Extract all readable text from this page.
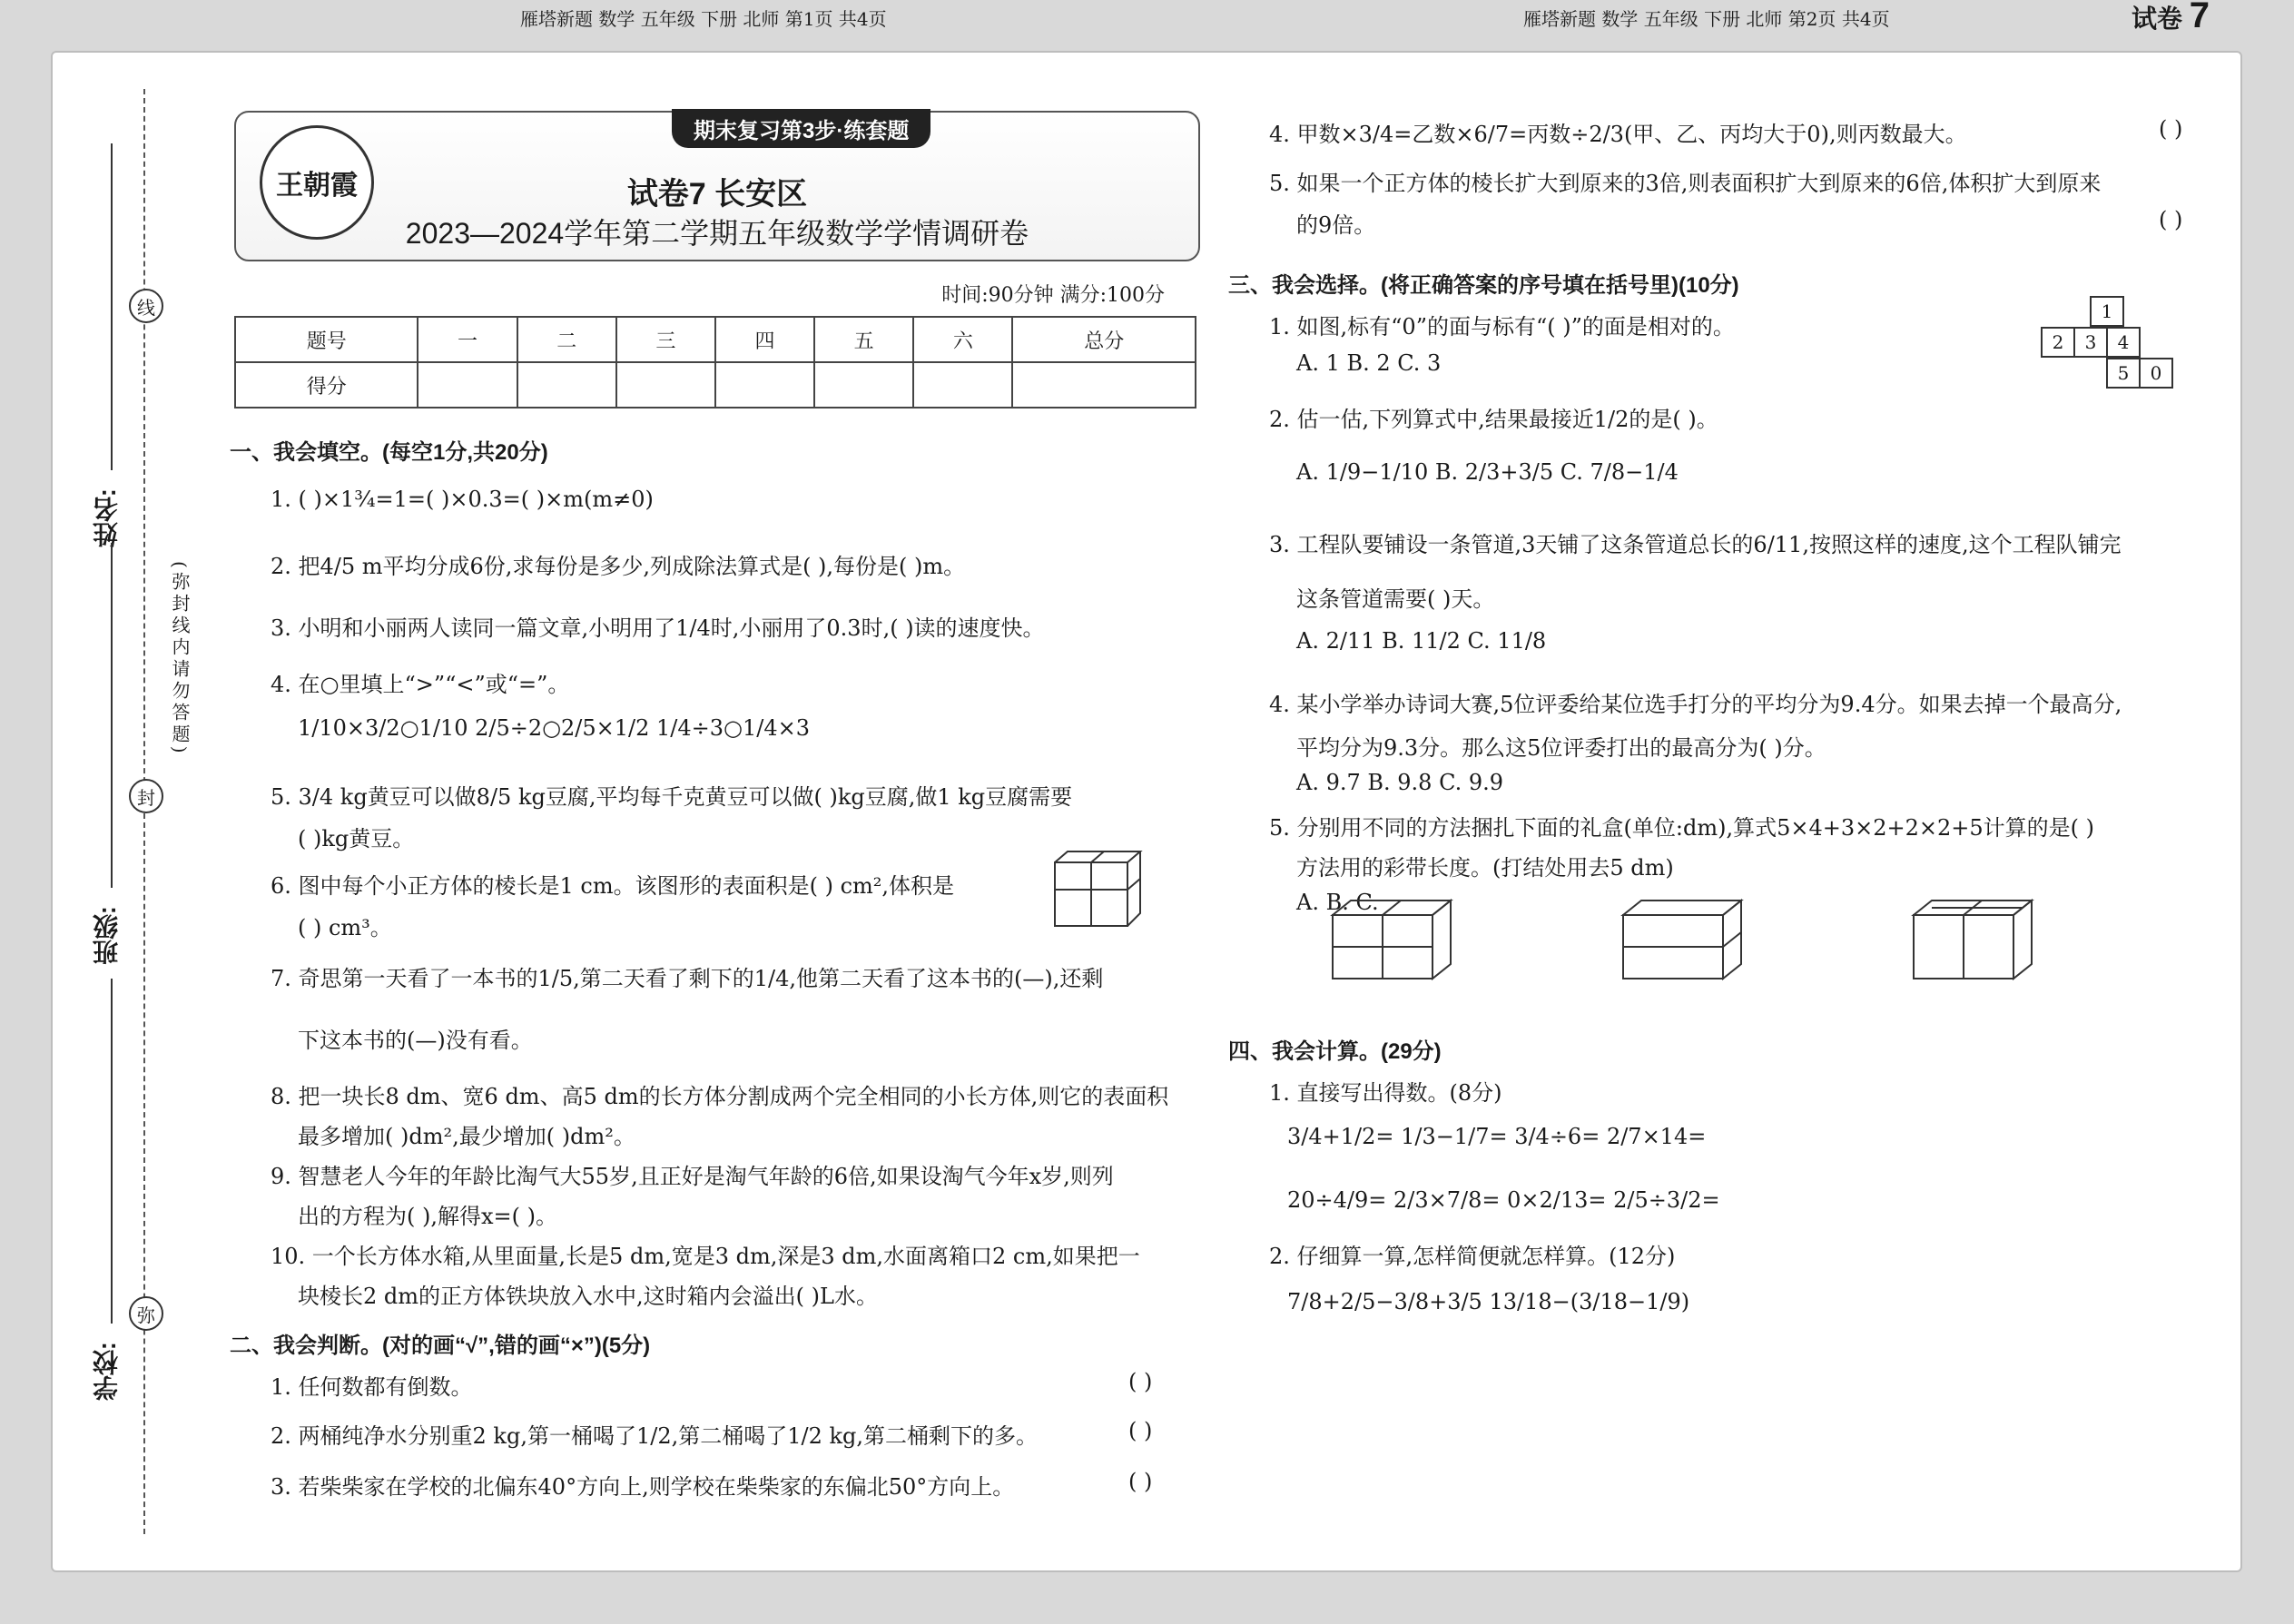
姓名:
班级:
学校:
线
封
弥
(弥封线内请勿答题)
王朝霞
期末复习第3步·练套题
试卷7 长安区
2023—2024学年第二学期五年级数学学情调研卷
时间:90分钟 满分:100分
题号	一	二	三	四	五	六	总分
得分							
一、我会填空。(每空1分,共20分)
1. ( )×1¾=1=( )×0.3=( )×m(m≠0)
2. 把4/5 m平均分成6份,求每份是多少,列成除法算式是( ),每份是( )m。
3. 小明和小丽两人读同一篇文章,小明用了1/4时,小丽用了0.3时,( )读的速度快。
4. 在○里填上“>”“<”或“=”。
1/10×3/2○1/10 2/5÷2○2/5×1/2 1/4÷3○1/4×3
5. 3/4 kg黄豆可以做8/5 kg豆腐,平均每千克黄豆可以做( )kg豆腐,做1 kg豆腐需要
( )kg黄豆。
6. 图中每个小正方体的棱长是1 cm。该图形的表面积是( ) cm²,体积是
( ) cm³。
7. 奇思第一天看了一本书的1/5,第二天看了剩下的1/4,他第二天看了这本书的(—),还剩
下这本书的(—)没有看。
8. 把一块长8 dm、宽6 dm、高5 dm的长方体分割成两个完全相同的小长方体,则它的表面积
最多增加( )dm²,最少增加( )dm²。
9. 智慧老人今年的年龄比淘气大55岁,且正好是淘气年龄的6倍,如果设淘气今年x岁,则列
出的方程为( ),解得x=( )。
10. 一个长方体水箱,从里面量,长是5 dm,宽是3 dm,深是3 dm,水面离箱口2 cm,如果把一
块棱长2 dm的正方体铁块放入水中,这时箱内会溢出( )L水。
二、我会判断。(对的画“√”,错的画“×”)(5分)
1. 任何数都有倒数。	( )
2. 两桶纯净水分别重2 kg,第一桶喝了1/2,第二桶喝了1/2 kg,第二桶剩下的多。	( )
3. 若柴柴家在学校的北偏东40°方向上,则学校在柴柴家的东偏北50°方向上。	( )
雁塔新题 数学 五年级 下册 北师 第1页 共4页
4. 甲数×3/4=乙数×6/7=丙数÷2/3(甲、乙、丙均大于0),则丙数最大。	( )
5. 如果一个正方体的棱长扩大到原来的3倍,则表面积扩大到原来的6倍,体积扩大到原来
的9倍。	( )
三、我会选择。(将正确答案的序号填在括号里)(10分)
1. 如图,标有“0”的面与标有“( )”的面是相对的。
1
2	3	4
5	0
A. 1 B. 2 C. 3
2. 估一估,下列算式中,结果最接近1/2的是( )。
A. 1/9−1/10 B. 2/3+3/5 C. 7/8−1/4
3. 工程队要铺设一条管道,3天铺了这条管道总长的6/11,按照这样的速度,这个工程队铺完
这条管道需要( )天。
A. 2/11 B. 11/2 C. 11/8
4. 某小学举办诗词大赛,5位评委给某位选手打分的平均分为9.4分。如果去掉一个最高分,
平均分为9.3分。那么这5位评委打出的最高分为( )分。
A. 9.7 B. 9.8 C. 9.9
5. 分别用不同的方法捆扎下面的礼盒(单位:dm),算式5×4+3×2+2×2+5计算的是( )
方法用的彩带长度。(打结处用去5 dm)
A. B. C.
四、我会计算。(29分)
1. 直接写出得数。(8分)
3/4+1/2= 1/3−1/7= 3/4÷6= 2/7×14=
20÷4/9= 2/3×7/8= 0×2/13= 2/5÷3/2=
2. 仔细算一算,怎样简便就怎样算。(12分)
7/8+2/5−3/8+3/5 13/18−(3/18−1/9)
雁塔新题 数学 五年级 下册 北师 第2页 共4页	试卷 7
